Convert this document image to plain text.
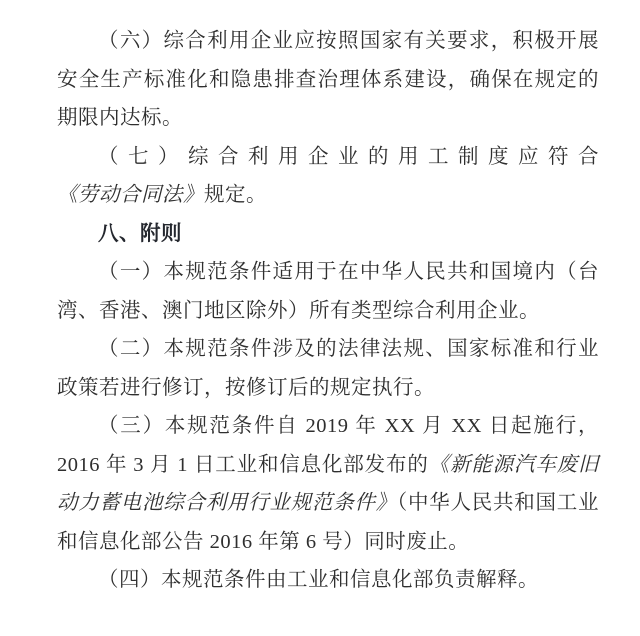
（六）综合利用企业应按照国家有关要求，积极开展安全生产标准化和隐患排查治理体系建设，确保在规定的期限内达标。

（七）综合利用企业的用工制度应符合《劳动合同法》规定。

八、附则

（一）本规范条件适用于在中华人民共和国境内（台湾、香港、澳门地区除外）所有类型综合利用企业。

（二）本规范条件涉及的法律法规、国家标准和行业政策若进行修订，按修订后的规定执行。

（三）本规范条件自 2019 年 XX 月 XX 日起施行，2016 年 3 月 1 日工业和信息化部发布的《新能源汽车废旧动力蓄电池综合利用行业规范条件》（中华人民共和国工业和信息化部公告 2016 年第 6 号）同时废止。

（四）本规范条件由工业和信息化部负责解释。
